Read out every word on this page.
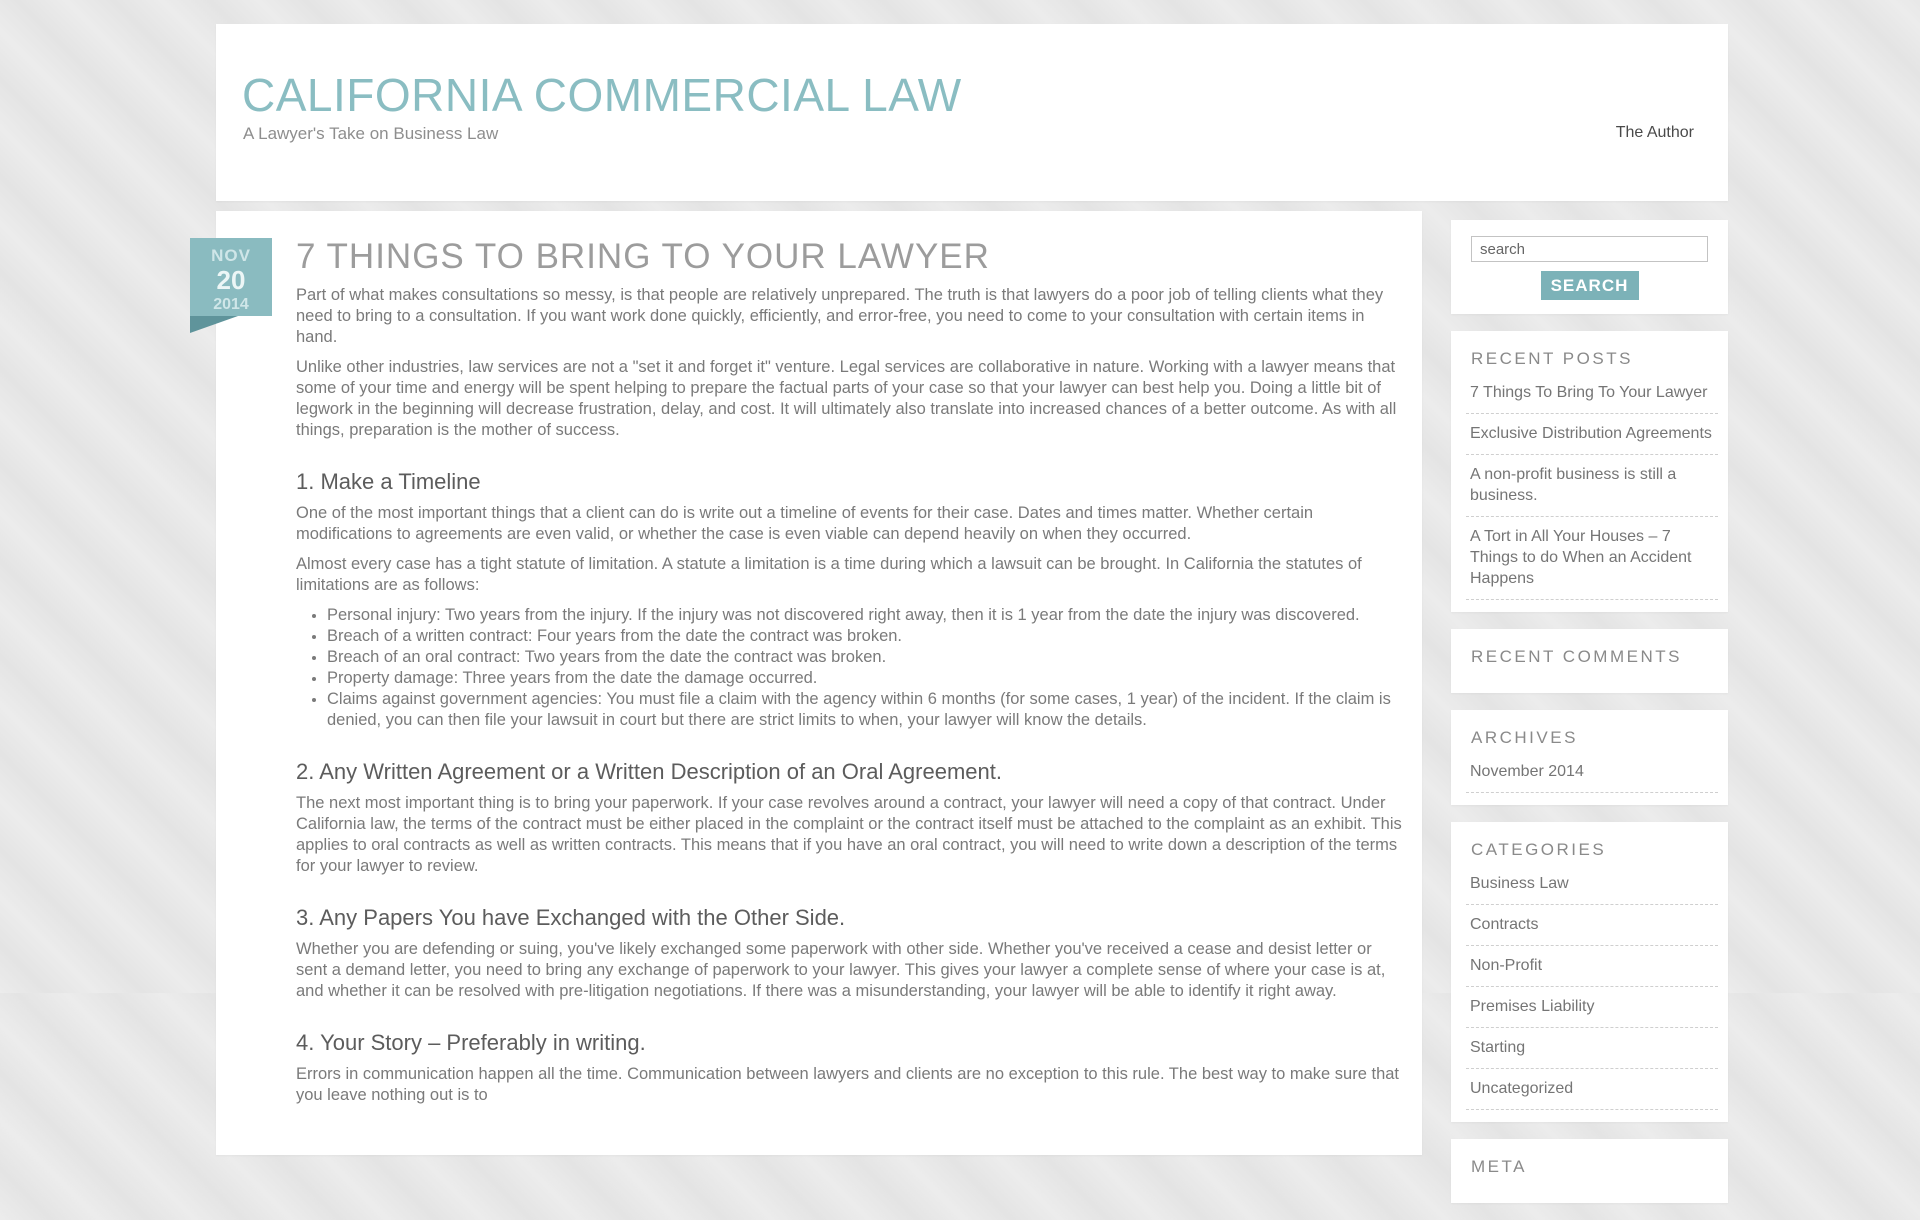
CALIFORNIA COMMERCIAL LAW
A Lawyer's Take on Business Law	The Author
NOV
20
2014
7 THINGS TO BRING TO YOUR LAWYER

Part of what makes consultations so messy, is that people are relatively unprepared. The truth is that lawyers do a poor job of telling clients what they need to bring to a consultation. If you want work done quickly, efficiently, and error-free, you need to come to your consultation with certain items in hand.

Unlike other industries, law services are not a "set it and forget it" venture. Legal services are collaborative in nature. Working with a lawyer means that some of your time and energy will be spent helping to prepare the factual parts of your case so that your lawyer can best help you. Doing a little bit of legwork in the beginning will decrease frustration, delay, and cost. It will ultimately also translate into increased chances of a better outcome. As with all things, preparation is the mother of success.

1. Make a Timeline

One of the most important things that a client can do is write out a timeline of events for their case. Dates and times matter. Whether certain modifications to agreements are even valid, or whether the case is even viable can depend heavily on when they occurred.

Almost every case has a tight statute of limitation. A statute a limitation is a time during which a lawsuit can be brought. In California the statutes of limitations are as follows:

Personal injury: Two years from the injury. If the injury was not discovered right away, then it is 1 year from the date the injury was discovered.
Breach of a written contract: Four years from the date the contract was broken.
Breach of an oral contract: Two years from the date the contract was broken.
Property damage: Three years from the date the damage occurred.
Claims against government agencies: You must file a claim with the agency within 6 months (for some cases, 1 year) of the incident. If the claim is denied, you can then file your lawsuit in court but there are strict limits to when, your lawyer will know the details.
2. Any Written Agreement or a Written Description of an Oral Agreement.

The next most important thing is to bring your paperwork. If your case revolves around a contract, your lawyer will need a copy of that contract. Under California law, the terms of the contract must be either placed in the complaint or the contract itself must be attached to the complaint as an exhibit. This applies to oral contracts as well as written contracts. This means that if you have an oral contract, you will need to write down a description of the terms for your lawyer to review.

3. Any Papers You have Exchanged with the Other Side.

Whether you are defending or suing, you've likely exchanged some paperwork with other side. Whether you've received a cease and desist letter or sent a demand letter, you need to bring any exchange of paperwork to your lawyer. This gives your lawyer a complete sense of where your case is at, and whether it can be resolved with pre-litigation negotiations. If there was a misunderstanding, your lawyer will be able to identify it right away.

4. Your Story – Preferably in writing.

Errors in communication happen all the time. Communication between lawyers and clients are no exception to this rule. The best way to make sure that you leave nothing out is to

search
SEARCH
RECENT POSTS
7 Things To Bring To Your Lawyer
Exclusive Distribution Agreements
A non-profit business is still a business.
A Tort in All Your Houses – 7 Things to do When an Accident Happens
RECENT COMMENTS
ARCHIVES
November 2014
CATEGORIES
Business Law
Contracts
Non-Profit
Premises Liability
Starting
Uncategorized
META
